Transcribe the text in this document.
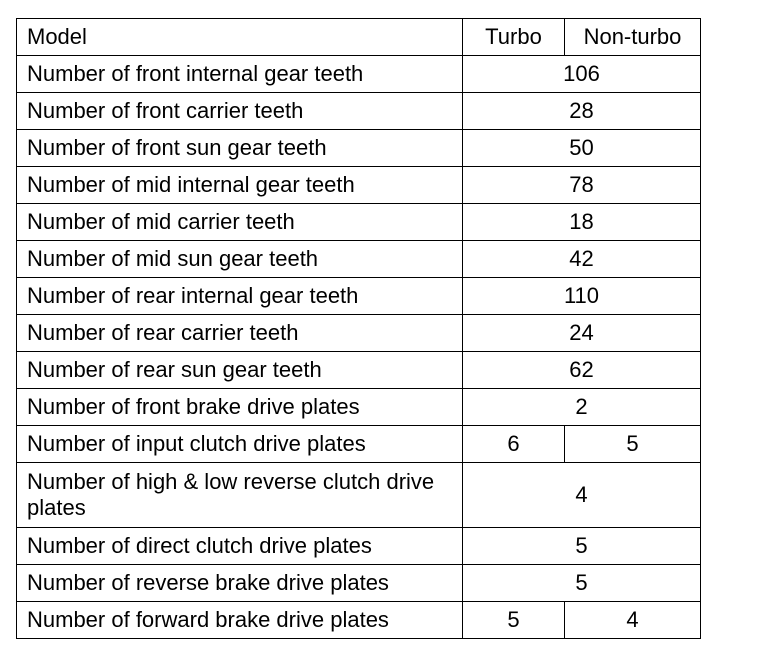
Model	Turbo	Non-turbo
Number of front internal gear teeth	106	
Number of front carrier teeth	28	
Number of front sun gear teeth	50	
Number of mid internal gear teeth	78	
Number of mid carrier teeth	18	
Number of mid sun gear teeth	42	
Number of rear internal gear teeth	110	
Number of rear carrier teeth	24	
Number of rear sun gear teeth	62	
Number of front brake drive plates	2	
Number of input clutch drive plates	6	5
Number of high & low reverse clutch drive plates	4	
Number of direct clutch drive plates	5	
Number of reverse brake drive plates	5	
Number of forward brake drive plates	5	4
